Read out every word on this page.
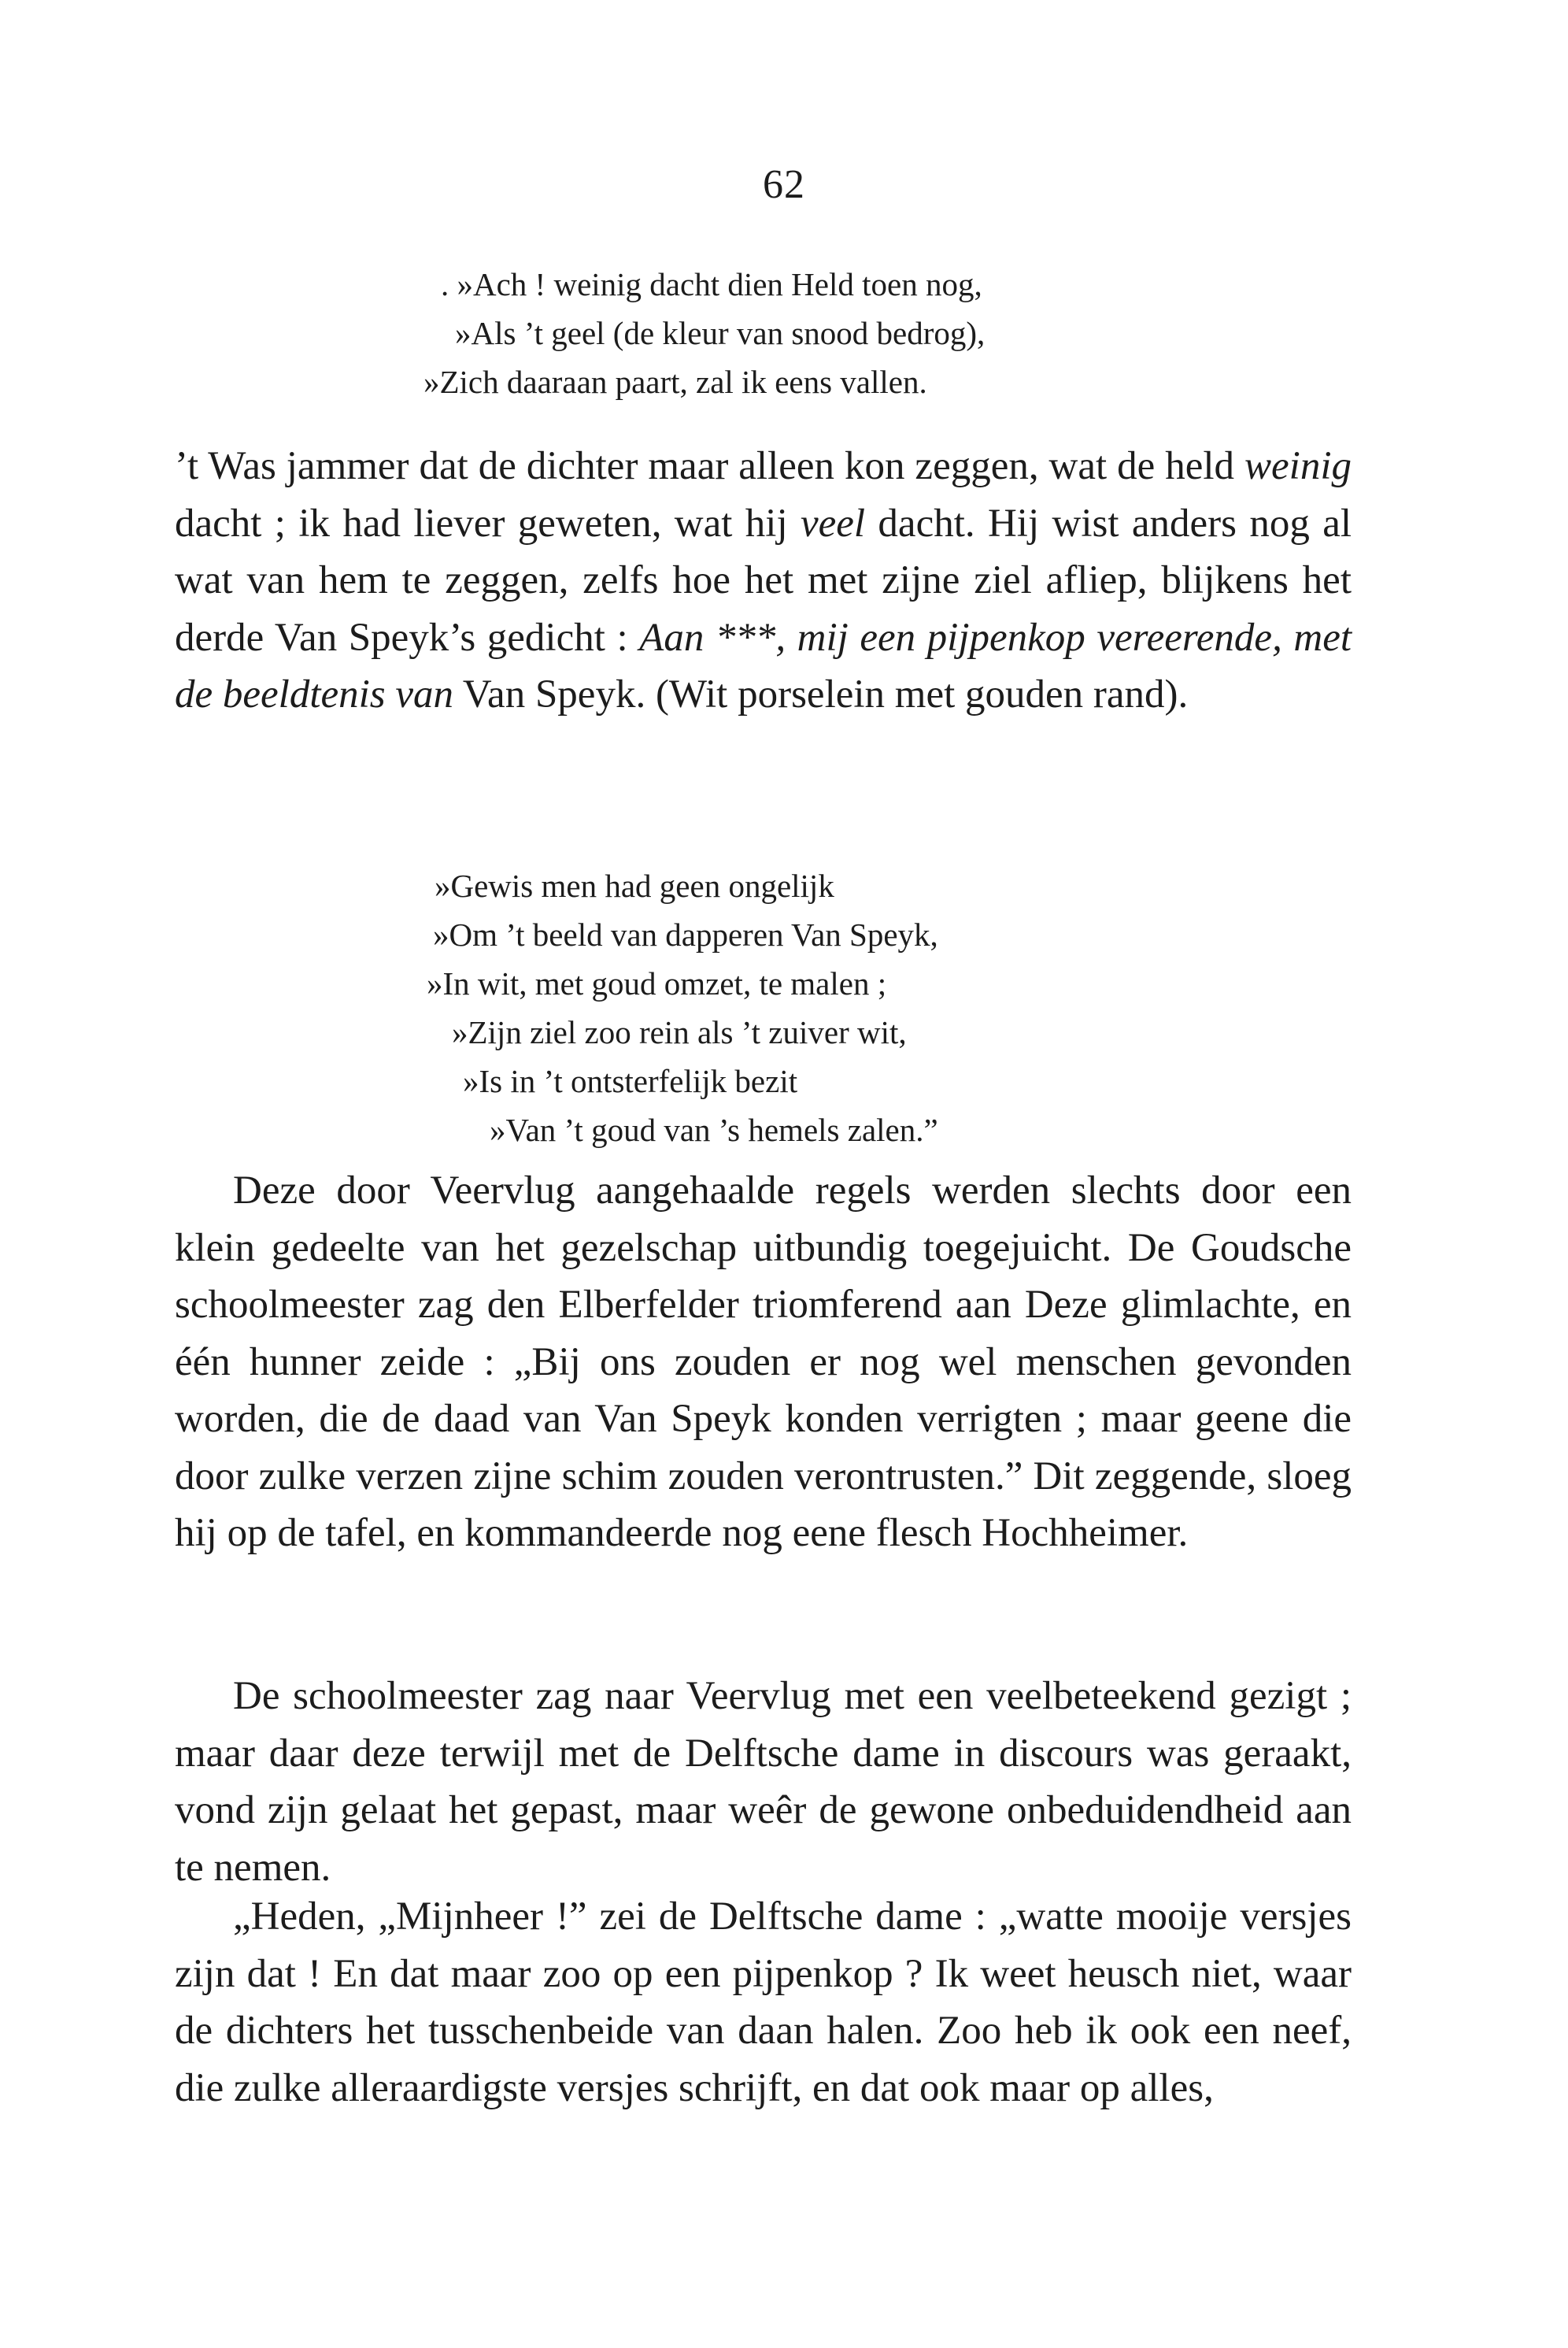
62
. »Ach ! weinig dacht dien Held toen nog,
»Als ’t geel (de kleur van snood bedrog),
»Zich daaraan paart, zal ik eens vallen.

’t Was jammer dat de dichter maar alleen kon zeggen, wat de held weinig dacht ; ik had liever geweten, wat hij veel dacht. Hij wist anders nog al wat van hem te zeggen, zelfs hoe het met zijne ziel afliep, blijkens het derde Van Speyk’s gedicht : Aan ***, mij een pijpenkop vereerende, met de beeldtenis van Van Speyk. (Wit porselein met gouden rand).

»Gewis men had geen ongelijk
»Om ’t beeld van dapperen Van Speyk,
»In wit, met goud omzet, te malen ;
»Zijn ziel zoo rein als ’t zuiver wit,
»Is in ’t ontsterfelijk bezit
»Van ’t goud van ’s hemels zalen.”

Deze door Veervlug aangehaalde regels werden slechts door een klein gedeelte van het gezelschap uitbundig toegejuicht. De Goudsche schoolmeester zag den Elberfelder triomferend aan Deze glimlachte, en één hunner zeide : „Bij ons zouden er nog wel menschen gevonden worden, die de daad van Van Speyk konden verrigten ; maar geene die door zulke verzen zijne schim zouden verontrusten.” Dit zeggende, sloeg hij op de tafel, en kommandeerde nog eene flesch Hochheimer.

De schoolmeester zag naar Veervlug met een veelbeteekend gezigt ; maar daar deze terwijl met de Delftsche dame in discours was geraakt, vond zijn gelaat het gepast, maar weêr de gewone onbeduidendheid aan te nemen.

„Heden, „Mijnheer !” zei de Delftsche dame : „watte mooije versjes zijn dat ! En dat maar zoo op een pijpenkop ? Ik weet heusch niet, waar de dichters het tusschenbeide van daan halen. Zoo heb ik ook een neef, die zulke alleraardigste versjes schrijft, en dat ook maar op alles,
